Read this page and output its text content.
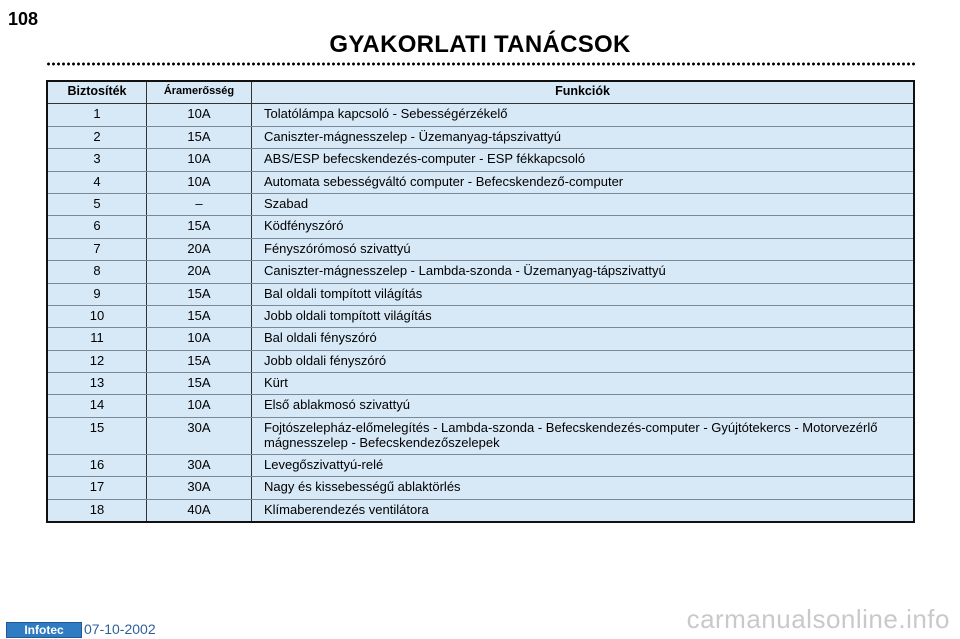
108
GYAKORLATI TANÁCSOK
Biztosíték	Áramerősség	Funkciók
1	10A	Tolatólámpa kapcsoló - Sebességérzékelő
2	15A	Caniszter-mágnesszelep - Üzemanyag-tápszivattyú
3	10A	ABS/ESP befecskendezés-computer - ESP fékkapcsoló
4	10A	Automata sebességváltó computer - Befecskendező-computer
5	–	Szabad
6	15A	Ködfényszóró
7	20A	Fényszórómosó szivattyú
8	20A	Caniszter-mágnesszelep - Lambda-szonda - Üzemanyag-tápszivattyú
9	15A	Bal oldali tompított világítás
10	15A	Jobb oldali tompított világítás
11	10A	Bal oldali fényszóró
12	15A	Jobb oldali fényszóró
13	15A	Kürt
14	10A	Első ablakmosó szivattyú
15	30A	Fojtószelepház-előmelegítés - Lambda-szonda - Befecskendezés-computer - Gyújtótekercs - Motorvezérlő mágnesszelep - Befecskendezőszelepek
16	30A	Levegőszivattyú-relé
17	30A	Nagy és kissebességű ablaktörlés
18	40A	Klímaberendezés ventilátora
Infotec	07-10-2002	carmanualsonline.info
